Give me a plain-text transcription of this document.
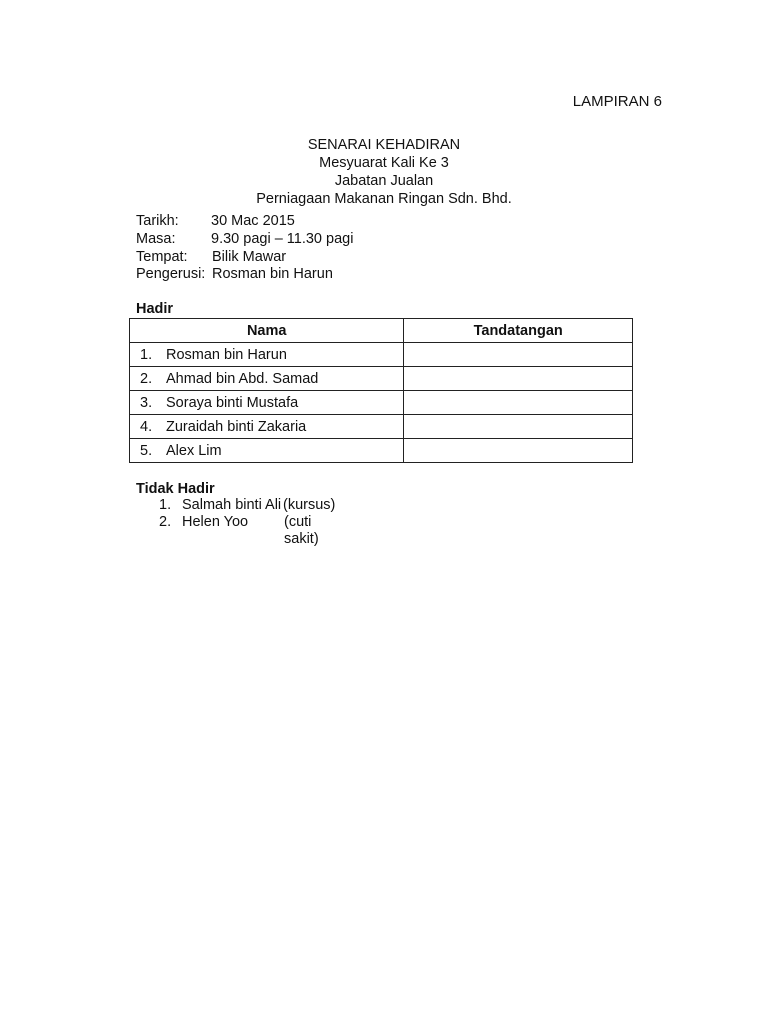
LAMPIRAN 6
SENARAI KEHADIRAN
Mesyuarat Kali Ke 3
Jabatan Jualan
Perniagaan Makanan Ringan Sdn. Bhd.
Tarikh: 30 Mac 2015
Masa: 9.30 pagi – 11.30 pagi
Tempat: Bilik Mawar
Pengerusi: Rosman bin Harun
Hadir
Nama	Tandatangan
1. Rosman bin Harun	
2. Ahmad bin Abd. Samad	
3. Soraya binti Mustafa	
4. Zuraidah binti Zakaria	
5. Alex Lim	
Tidak Hadir
1. Salmah binti Ali (kursus)
2. Helen Yoo (cuti sakit)
